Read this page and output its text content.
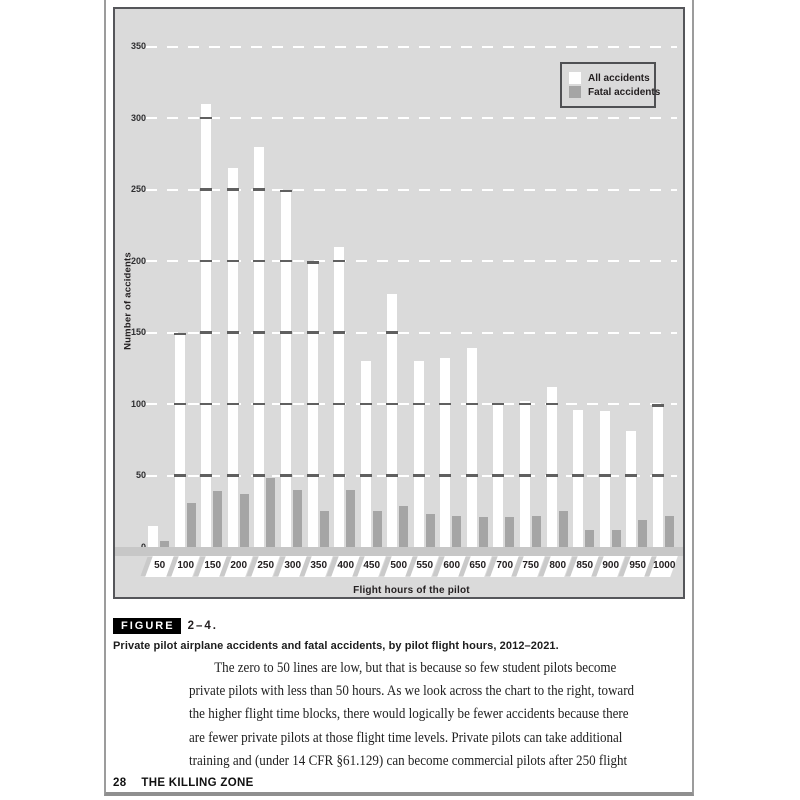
50
100
150
200
250
300
350
Number of accidents
50	100 150 200 250 300 350 400 450 500 550 600 650 700 750 800 850 900 950 1000
Flight hours of the pilot
All accidents
Fatal accidents
FIGURE 2–4.
Private pilot airplane accidents and fatal accidents, by pilot flight hours, 2012–2021.
The zero to 50 lines are low, but that is because so few student pilots become
private pilots with less than 50 hours. As we look across the chart to the right, toward
the higher flight time blocks, there would logically be fewer accidents because there
are fewer private pilots at those flight time levels. Private pilots can take additional
training and (under 14 CFR §61.129) can become commercial pilots after 250 flight
28 THE KILLING ZONE
